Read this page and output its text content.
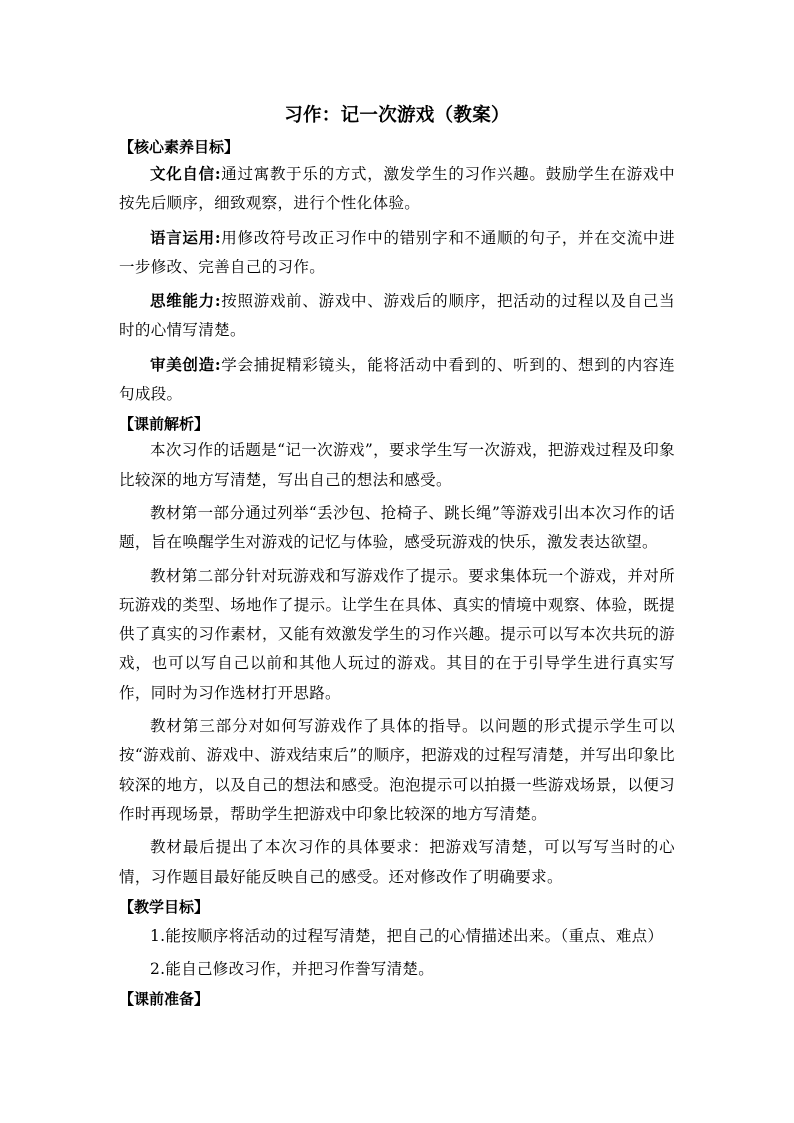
习作：记一次游戏（教案）
【核心素养目标】

文化自信:通过寓教于乐的方式，激发学生的习作兴趣。鼓励学生在游戏中按先后顺序，细致观察，进行个性化体验。

语言运用:用修改符号改正习作中的错别字和不通顺的句子，并在交流中进一步修改、完善自己的习作。

思维能力:按照游戏前、游戏中、游戏后的顺序，把活动的过程以及自己当时的心情写清楚。

审美创造:学会捕捉精彩镜头，能将活动中看到的、听到的、想到的内容连句成段。

【课前解析】

本次习作的话题是“记一次游戏”，要求学生写一次游戏，把游戏过程及印象比较深的地方写清楚，写出自己的想法和感受。

教材第一部分通过列举“丢沙包、抢椅子、跳长绳”等游戏引出本次习作的话题，旨在唤醒学生对游戏的记忆与体验，感受玩游戏的快乐，激发表达欲望。

教材第二部分针对玩游戏和写游戏作了提示。要求集体玩一个游戏，并对所玩游戏的类型、场地作了提示。让学生在具体、真实的情境中观察、体验，既提供了真实的习作素材，又能有效激发学生的习作兴趣。提示可以写本次共玩的游戏，也可以写自己以前和其他人玩过的游戏。其目的在于引导学生进行真实写作，同时为习作选材打开思路。

教材第三部分对如何写游戏作了具体的指导。以问题的形式提示学生可以按“游戏前、游戏中、游戏结束后”的顺序，把游戏的过程写清楚，并写出印象比较深的地方，以及自己的想法和感受。泡泡提示可以拍摄一些游戏场景，以便习作时再现场景，帮助学生把游戏中印象比较深的地方写清楚。

教材最后提出了本次习作的具体要求：把游戏写清楚，可以写写当时的心情，习作题目最好能反映自己的感受。还对修改作了明确要求。

【教学目标】
1.能按顺序将活动的过程写清楚，把自己的心情描述出来。（重点、难点）
2.能自己修改习作，并把习作誊写清楚。
【课前准备】
